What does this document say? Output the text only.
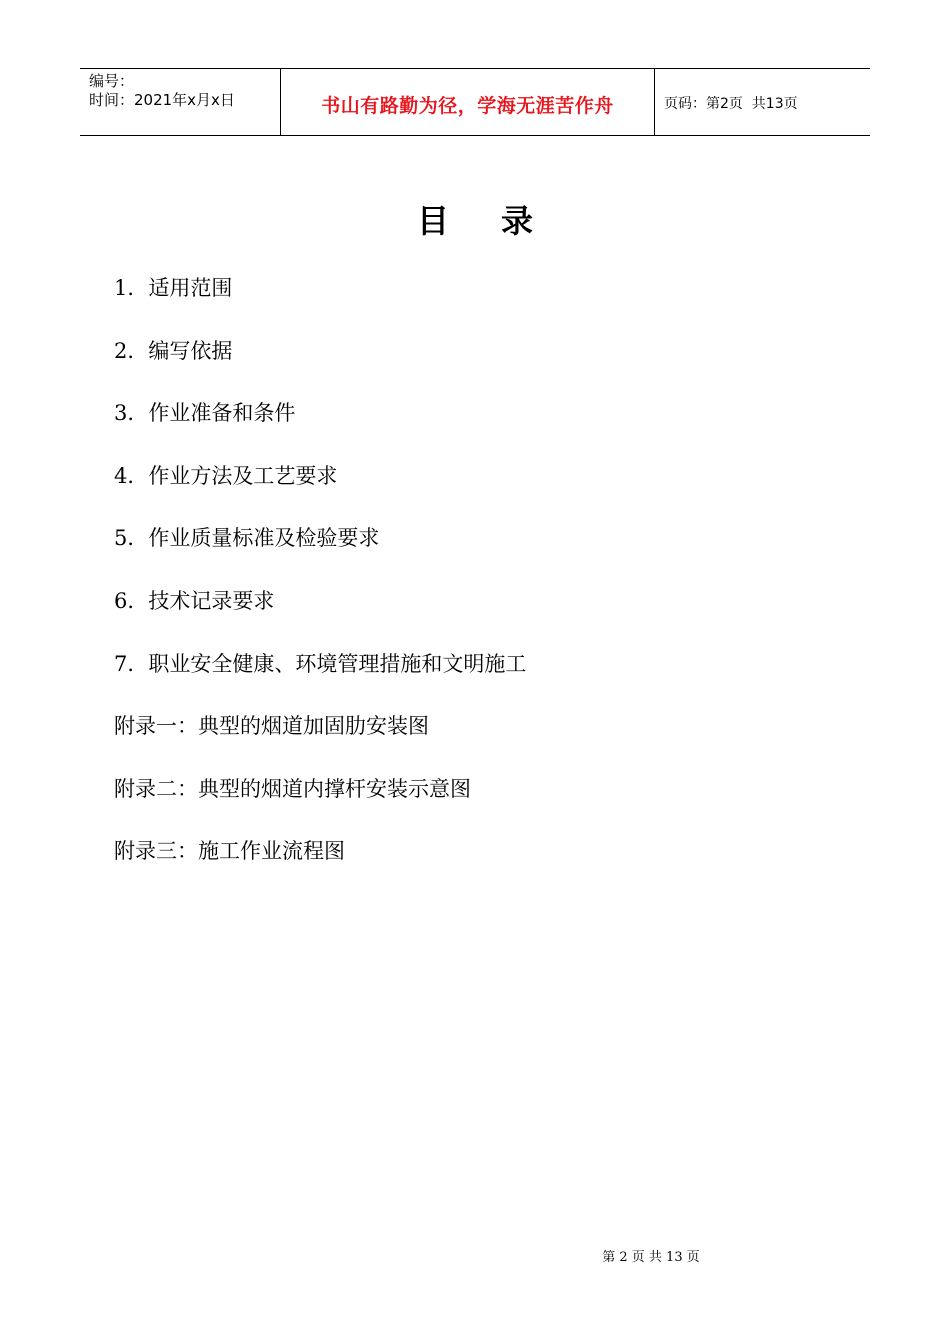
编号：
时间：2021年x月x日	书山有路勤为径，学海无涯苦作舟	页码：第2页  共13页
目录
1．适用范围
2．编写依据
3．作业准备和条件
4．作业方法及工艺要求
5．作业质量标准及检验要求
6．技术记录要求
7．职业安全健康、环境管理措施和文明施工
附录一：典型的烟道加固肋安装图
附录二：典型的烟道内撑杆安装示意图
附录三：施工作业流程图
第 2 页 共 13 页
